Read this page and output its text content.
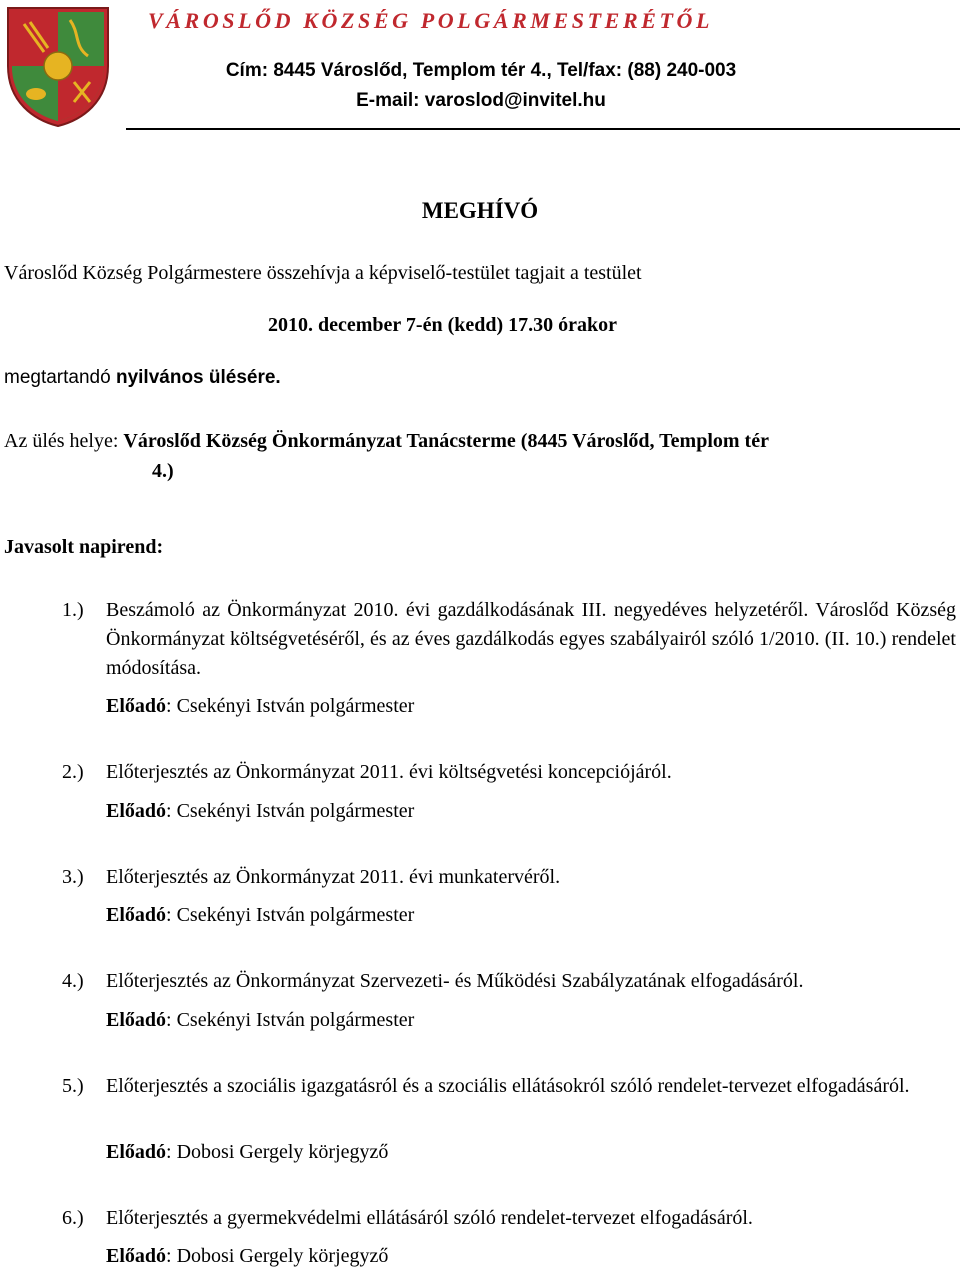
VÁROSLŐD KÖZSÉG POLGÁRMESTERÉTŐL
Cím: 8445 Városlőd, Templom tér 4., Tel/fax: (88) 240-003
E-mail: varoslod@invitel.hu
MEGHÍVÓ
Városlőd Község Polgármestere összehívja a képviselő-testület tagjait a testület
2010. december 7-én (kedd) 17.30 órakor
megtartandó nyilvános ülésére.
Az ülés helye: Városlőd Község Önkormányzat Tanácsterme (8445 Városlőd, Templom tér
4.)
Javasolt napirend:
1.)	Beszámoló az Önkormányzat 2010. évi gazdálkodásának III. negyedéves helyzetéről. Városlőd Község Önkormányzat költségvetéséről, és az éves gazdálkodás egyes szabályairól szóló 1/2010. (II. 10.) rendelet módosítása.
Előadó: Csekényi István polgármester
2.)	Előterjesztés az Önkormányzat 2011. évi költségvetési koncepciójáról.
Előadó: Csekényi István polgármester
3.)	Előterjesztés az Önkormányzat 2011. évi munkatervéről.
Előadó: Csekényi István polgármester
4.)	Előterjesztés az Önkormányzat Szervezeti- és Működési Szabályzatának elfogadásáról.
Előadó: Csekényi István polgármester
5.)	Előterjesztés a szociális igazgatásról és a szociális ellátásokról szóló rendelet-tervezet elfogadásáról.
Előadó: Dobosi Gergely körjegyző
6.)	Előterjesztés a gyermekvédelmi ellátásáról szóló rendelet-tervezet elfogadásáról.
Előadó: Dobosi Gergely körjegyző
